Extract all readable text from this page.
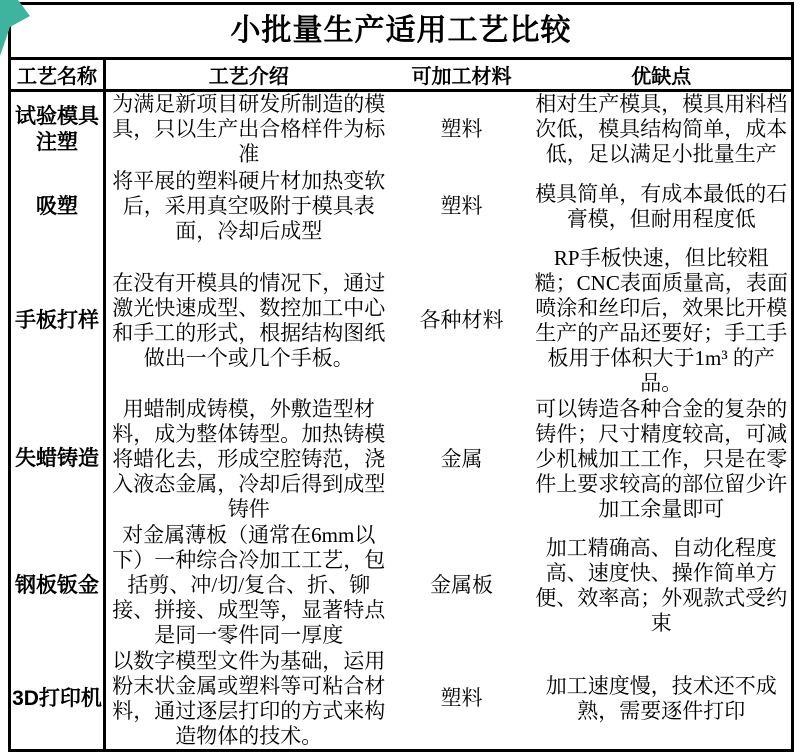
小批量生产适用工艺比较			
工艺名称	工艺介绍	可加工材料	优缺点
试验模具注塑	为满足新项目研发所制造的模具，只以生产出合格样件为标准	塑料	相对生产模具，模具用料档次低，模具结构简单，成本低，足以满足小批量生产
吸塑	将平展的塑料硬片材加热变软后，采用真空吸附于模具表面，冷却后成型	塑料	模具简单，有成本最低的石膏模，但耐用程度低
手板打样	在没有开模具的情况下，通过激光快速成型、数控加工中心和手工的形式，根据结构图纸做出一个或几个手板。	各种材料	RP手板快速，但比较粗糙；CNC表面质量高，表面喷涂和丝印后，效果比开模生产的产品还要好；手工手板用于体积大于1m³ 的产品。
失蜡铸造	用蜡制成铸模，外敷造型材料，成为整体铸型。加热铸模将蜡化去，形成空腔铸范，浇入液态金属，冷却后得到成型铸件	金属	可以铸造各种合金的复杂的铸件；尺寸精度较高，可减少机械加工工作，只是在零件上要求较高的部位留少许加工余量即可
钢板钣金	对金属薄板（通常在6mm以下）一种综合冷加工工艺，包括剪、冲/切/复合、折、铆接、拼接、成型等，显著特点是同一零件同一厚度	金属板	加工精确高、自动化程度高、速度快、操作简单方便、效率高；外观款式受约束
3D打印机	以数字模型文件为基础，运用粉末状金属或塑料等可粘合材料，通过逐层打印的方式来构造物体的技术。	塑料	加工速度慢，技术还不成熟，需要逐件打印
